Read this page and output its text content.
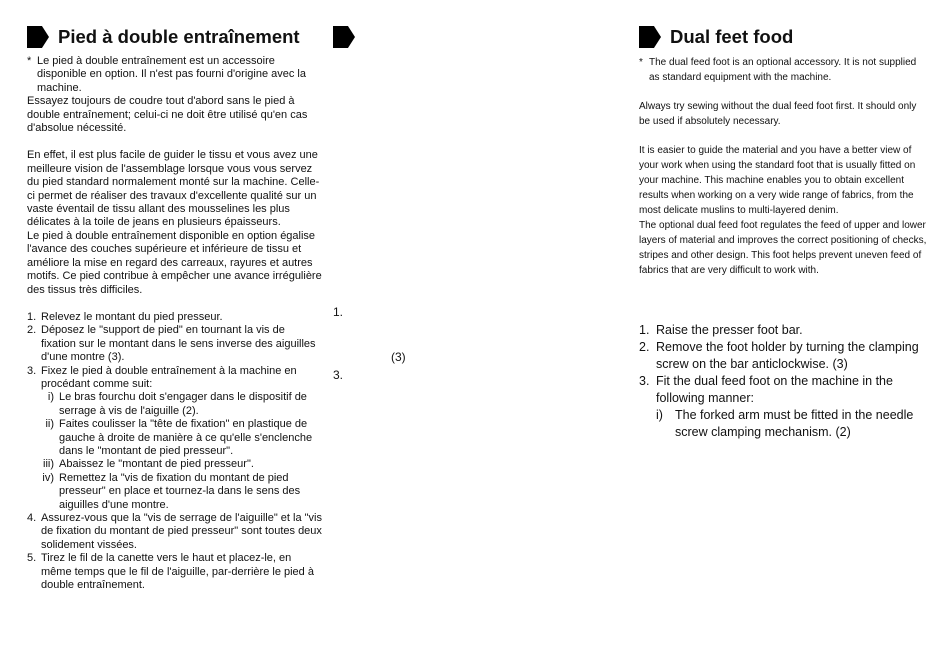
Pied à double entraînement
* Le pied à double entraînement est un accessoire disponible en option. Il n'est pas fourni d'origine avec la machine.

Essayez toujours de coudre tout d'abord sans le pied à double entraînement; celui-ci ne doit être utilisé qu'en cas d'absolue nécessité.

En effet, il est plus facile de guider le tissu et vous avez une meilleure vision de l'assemblage lorsque vous vous servez du pied standard normalement monté sur la machine. Celle-ci permet de réaliser des travaux d'excellente qualité sur un vaste éventail de tissu allant des mousselines les plus délicates à la toile de jeans en plusieurs épaisseurs.

Le pied à double entraînement disponible en option égalise l'avance des couches supérieure et inférieure de tissu et améliore la mise en regard des carreaux, rayures et autres motifs. Ce pied contribue à empêcher une avance irrégulière des tissus très difficiles.

1. Relevez le montant du pied presseur.
2. Déposez le "support de pied" en tournant la vis de fixation sur le montant dans le sens inverse des aiguilles d'une montre (3).
3. Fixez le pied à double entraînement à la machine en procédant comme suit:
i) Le bras fourchu doit s'engager dans le dispositif de serrage à vis de l'aiguille (2).
ii) Faites coulisser la "tête de fixation" en plastique de gauche à droite de manière à ce qu'elle s'enclenche dans le "montant de pied presseur".
iii) Abaissez le "montant de pied presseur".
iv) Remettez la "vis de fixation du montant de pied presseur" en place et tournez-la dans le sens des aiguilles d'une montre.
4. Assurez-vous que la "vis de serrage de l'aiguille" et la "vis de fixation du montant de pied presseur" sont toutes deux solidement vissées.
5. Tirez le fil de la canette vers le haut et placez-le, en même temps que le fil de l'aiguille, par-derrière le pied à double entraînement.
1.
(3)
3.
Dual feet food
* The dual feed foot is an optional accessory. It is not supplied as standard equipment with the machine.

Always try sewing without the dual feed foot first. It should only be used if absolutely necessary.

It is easier to guide the material and you have a better view of your work when using the standard foot that is usually fitted on your machine. This machine enables you to obtain excellent results when working on a very wide range of fabrics, from the most delicate muslins to multi-layered denim.

The optional dual feed foot regulates the feed of upper and lower layers of material and improves the correct positioning of checks, stripes and other design. This foot helps prevent uneven feed of fabrics that are very difficult to work with.

1. Raise the presser foot bar.
2. Remove the foot holder by turning the clamping screw on the bar anticlockwise. (3)
3. Fit the dual feed foot on the machine in the following manner:
i) The forked arm must be fitted in the needle screw clamping mechanism. (2)
